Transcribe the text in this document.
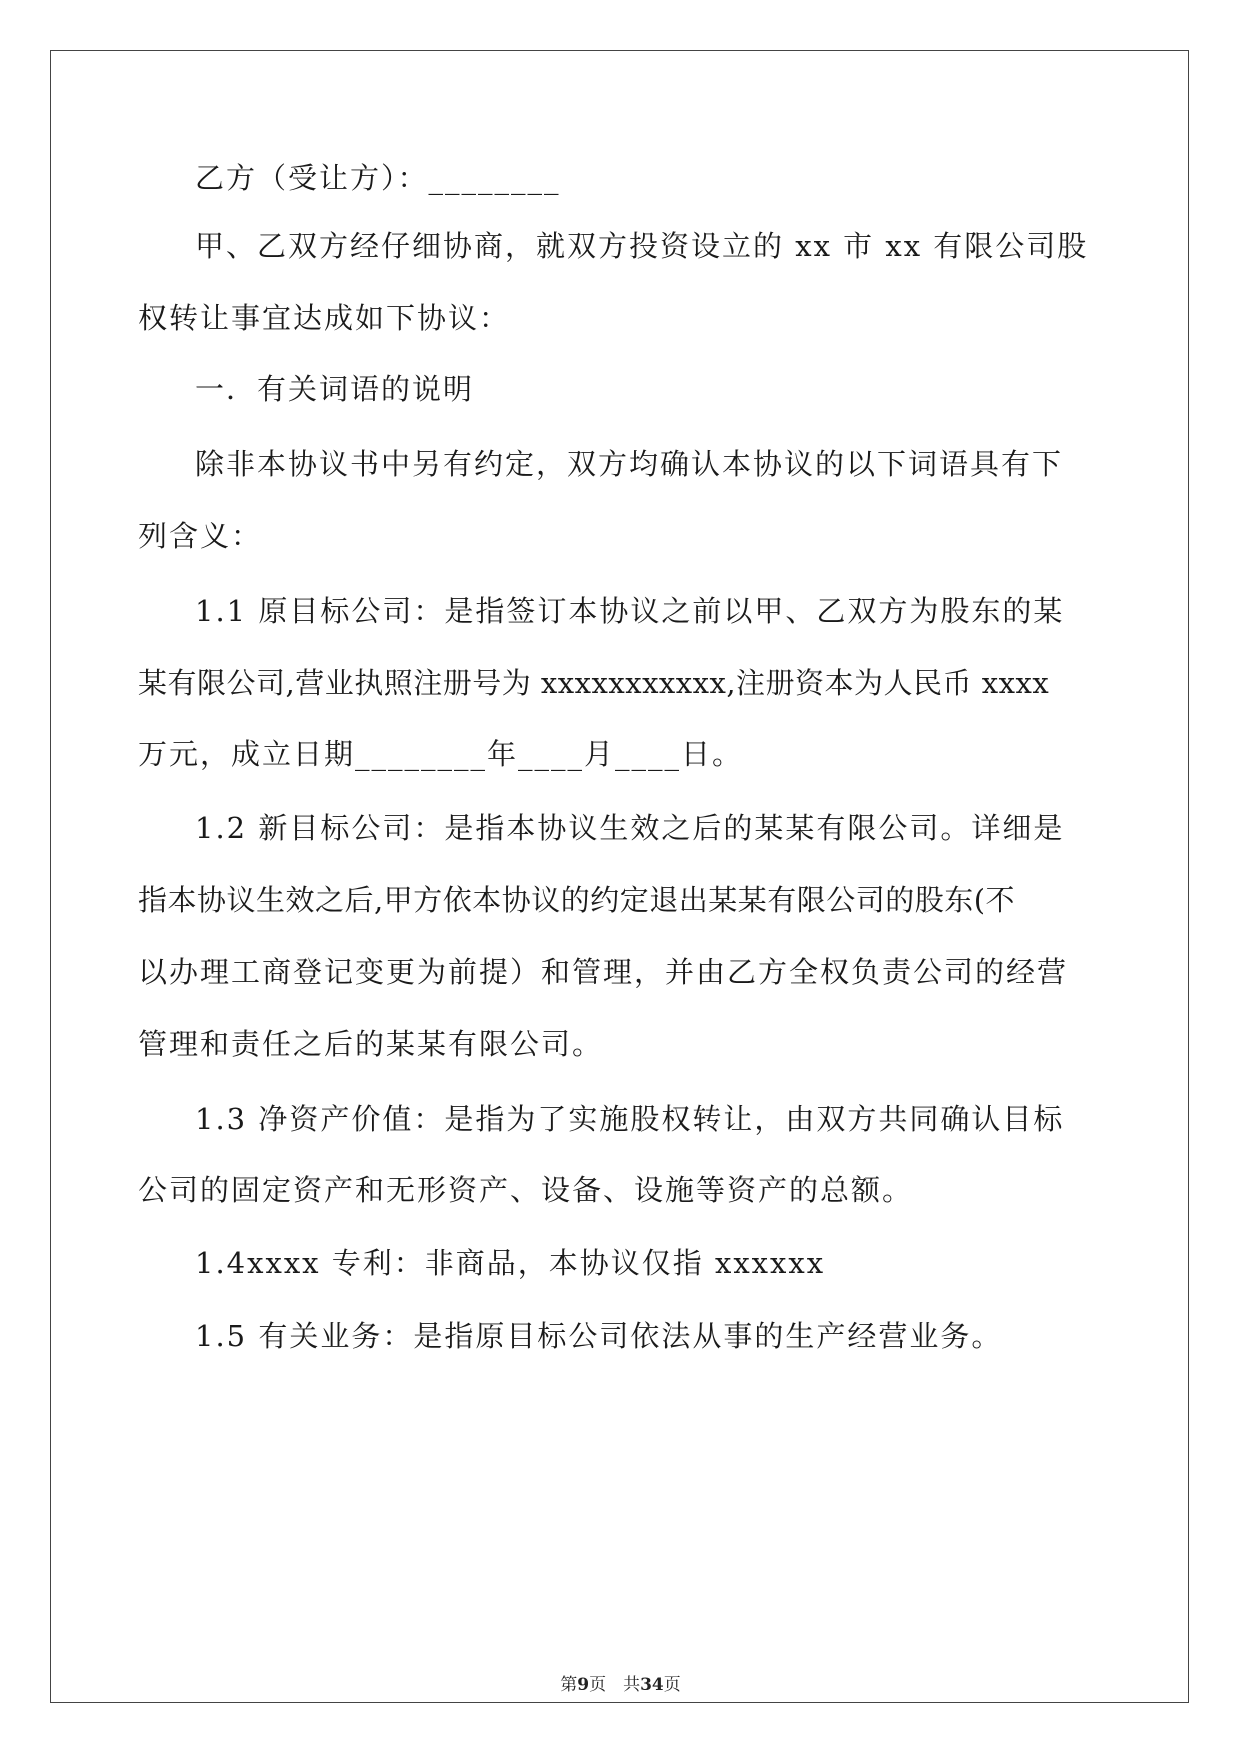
乙方（受让方）：________
甲、乙双方经仔细协商，就双方投资设立的 xx 市 xx 有限公司股
权转让事宜达成如下协议：
一．有关词语的说明
除非本协议书中另有约定，双方均确认本协议的以下词语具有下
列含义：
1.1 原目标公司：是指签订本协议之前以甲、乙双方为股东的某
某有限公司,营业执照注册号为 xxxxxxxxxxx,注册资本为人民币 xxxx
万元，成立日期________年____月____日。
1.2 新目标公司：是指本协议生效之后的某某有限公司。详细是
指本协议生效之后,甲方依本协议的约定退出某某有限公司的股东(不
以办理工商登记变更为前提）和管理，并由乙方全权负责公司的经营
管理和责任之后的某某有限公司。
1.3 净资产价值：是指为了实施股权转让，由双方共同确认目标
公司的固定资产和无形资产、设备、设施等资产的总额。
1.4xxxx 专利：非商品，本协议仅指 xxxxxx
1.5 有关业务：是指原目标公司依法从事的生产经营业务。
第9页　共34页
